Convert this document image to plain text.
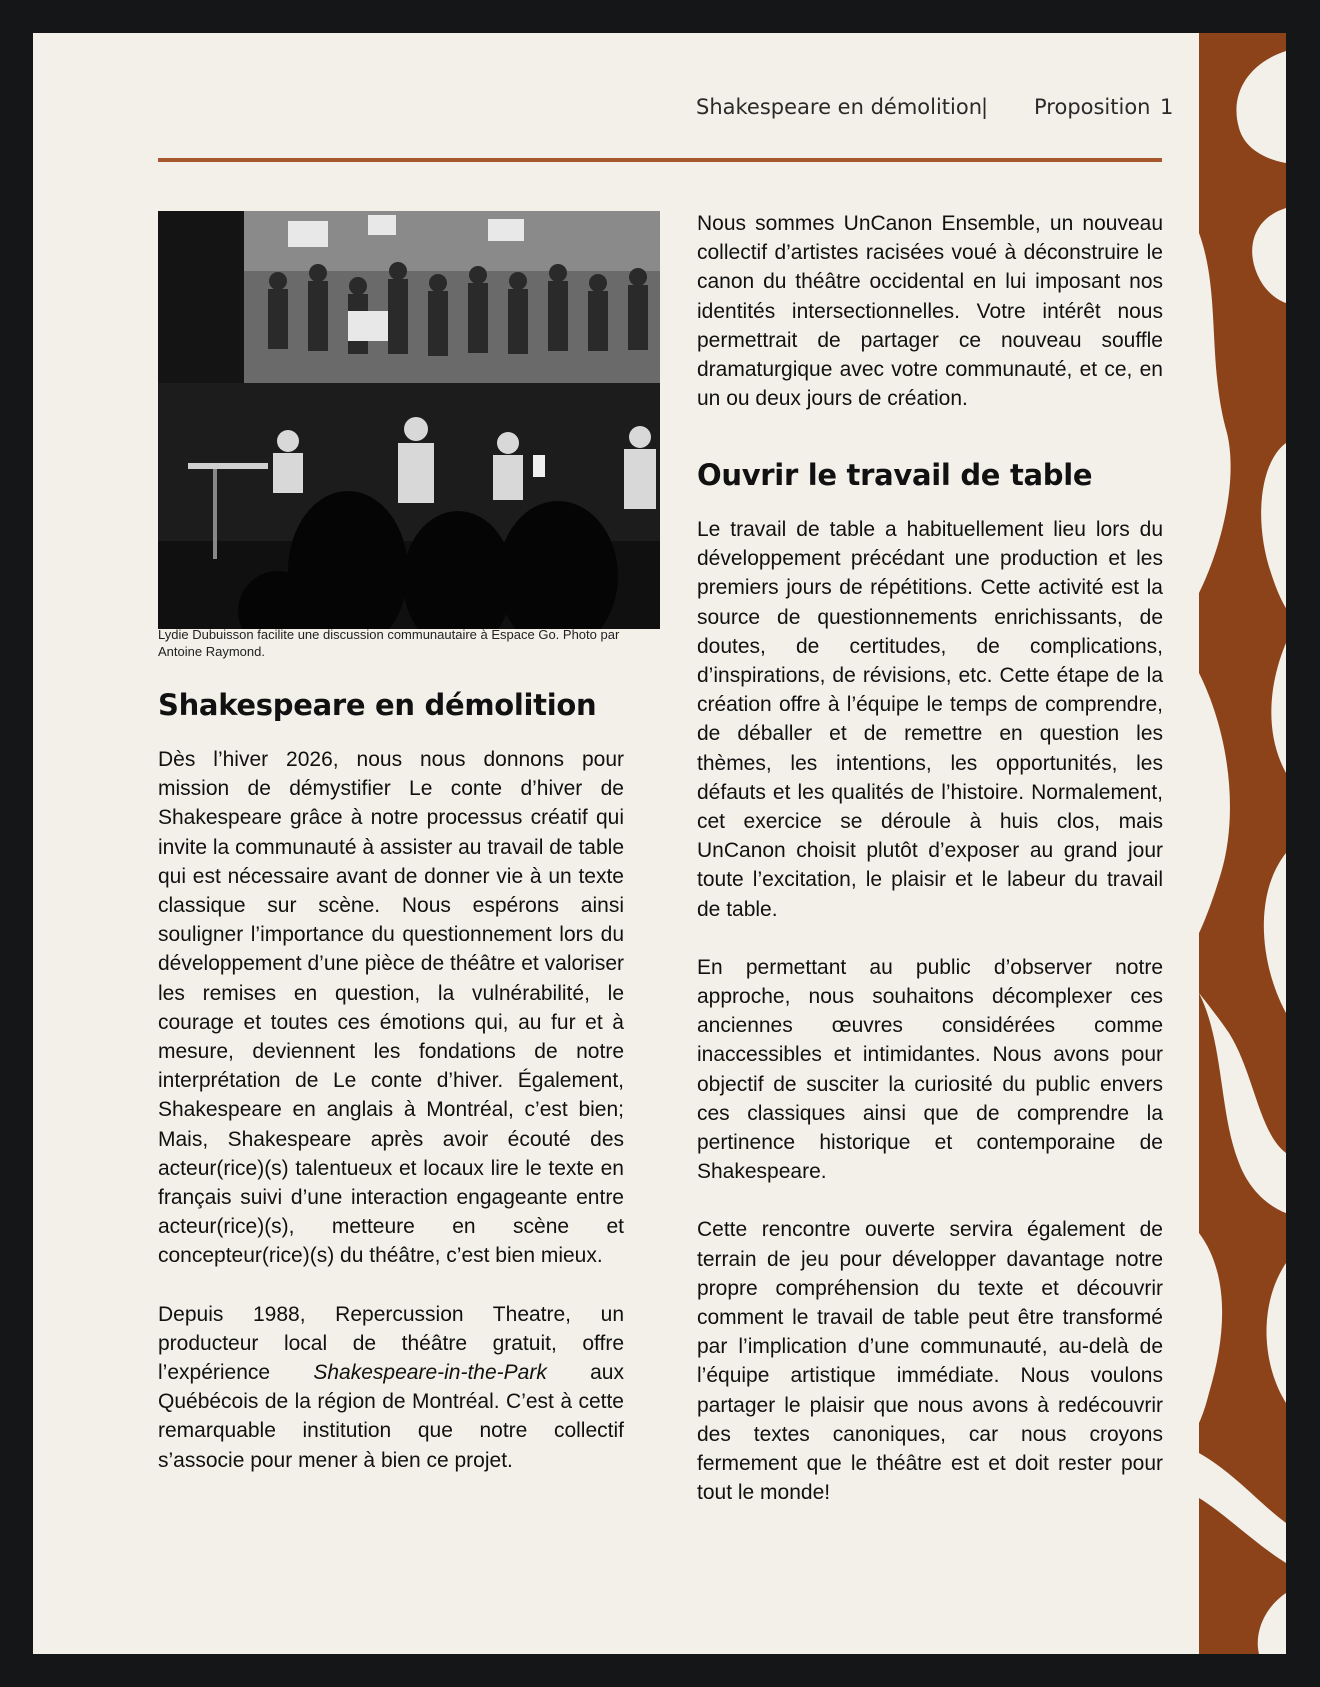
Shakespeare en démolition
| Proposition 1
Lydie Dubuisson facilite une discussion communautaire à Espace Go. Photo par Antoine Raymond.
Shakespeare en démolition

Dès l’hiver 2026, nous nous donnons pour mission de démystifier Le conte d’hiver de Shakespeare grâce à notre processus créatif qui invite la communauté à assister au travail de table qui est nécessaire avant de donner vie à un texte classique sur scène. Nous espérons ainsi souligner l’importance du questionnement lors du développement d’une pièce de théâtre et valoriser les remises en question, la vulnérabilité, le courage et toutes ces émotions qui, au fur et à mesure, deviennent les fondations de notre interprétation de Le conte d’hiver. Également, Shakespeare en anglais à Montréal, c’est bien; Mais, Shakespeare après avoir écouté des acteur(rice)(s) talentueux et locaux lire le texte en français suivi d’une interaction engageante entre acteur(rice)(s), metteure en scène et concepteur(rice)(s) du théâtre, c’est bien mieux.

Depuis 1988, Repercussion Theatre, un producteur local de théâtre gratuit, offre l’expérience Shakespeare-in-the-Park aux Québécois de la région de Montréal. C’est à cette remarquable institution que notre collectif s’associe pour mener à bien ce projet.

Nous sommes UnCanon Ensemble, un nouveau collectif d’artistes racisées voué à déconstruire le canon du théâtre occidental en lui imposant nos identités intersectionnelles. Votre intérêt nous permettrait de partager ce nouveau souffle dramaturgique avec votre communauté, et ce, en un ou deux jours de création.

Ouvrir le travail de table

Le travail de table a habituellement lieu lors du développement précédant une production et les premiers jours de répétitions. Cette activité est la source de questionnements enrichissants, de doutes, de certitudes, de complications, d’inspirations, de révisions, etc. Cette étape de la création offre à l’équipe le temps de comprendre, de déballer et de remettre en question les thèmes, les intentions, les opportunités, les défauts et les qualités de l’histoire. Normalement, cet exercice se déroule à huis clos, mais UnCanon choisit plutôt d’exposer au grand jour toute l’excitation, le plaisir et le labeur du travail de table.

En permettant au public d’observer notre approche, nous souhaitons décomplexer ces anciennes œuvres considérées comme inaccessibles et intimidantes. Nous avons pour objectif de susciter la curiosité du public envers ces classiques ainsi que de comprendre la pertinence historique et contemporaine de Shakespeare.

Cette rencontre ouverte servira également de terrain de jeu pour développer davantage notre propre compréhension du texte et découvrir comment le travail de table peut être transformé par l’implication d’une communauté, au-delà de l’équipe artistique immédiate. Nous voulons partager le plaisir que nous avons à redécouvrir des textes canoniques, car nous croyons fermement que le théâtre est et doit rester pour tout le monde!
